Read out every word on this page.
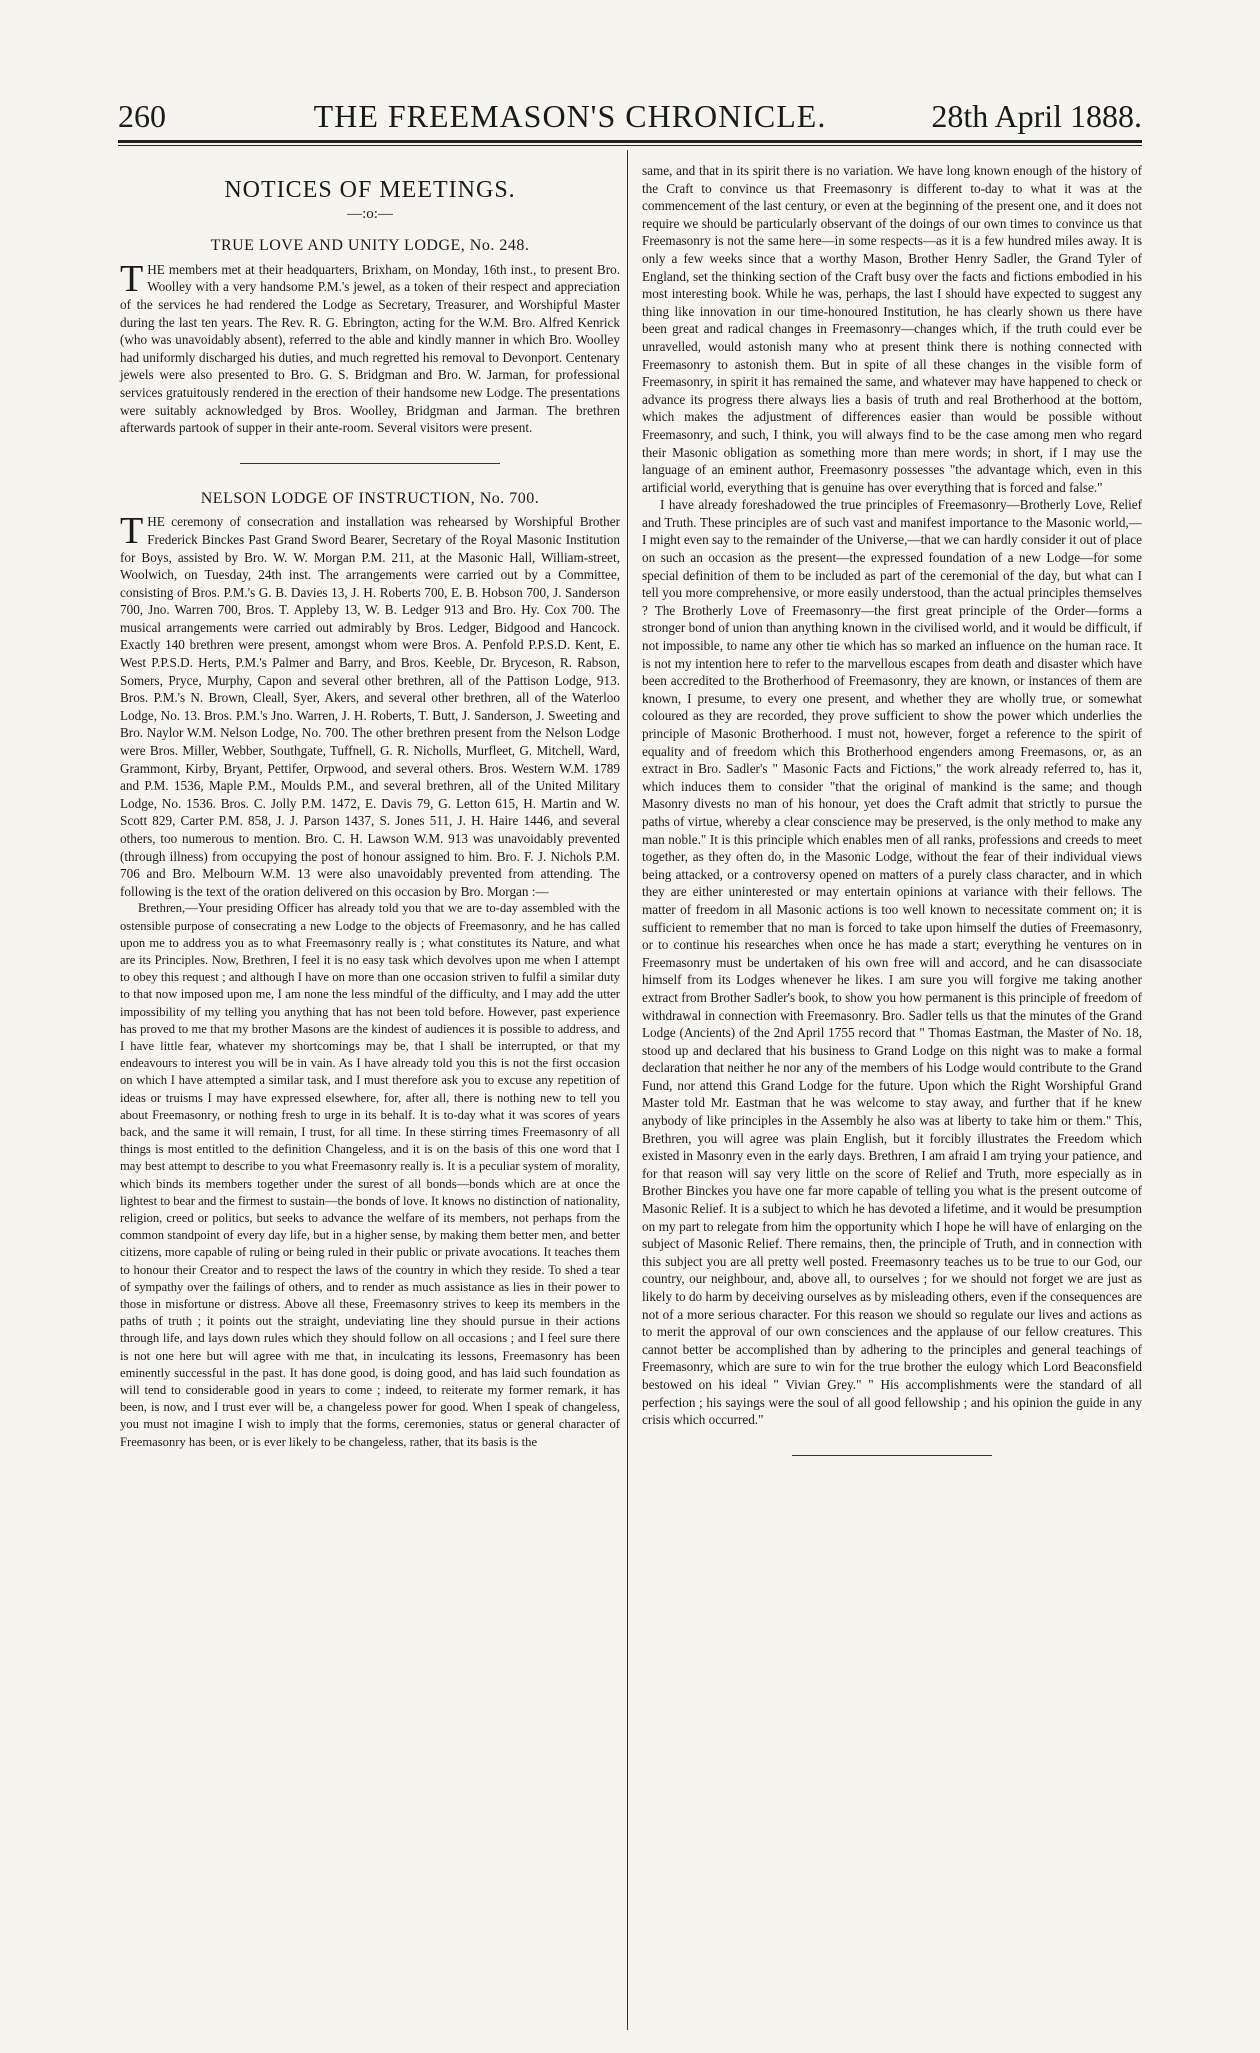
260	THE FREEMASON'S CHRONICLE.	28th April 1888.
NOTICES OF MEETINGS.
—:o:—
TRUE LOVE AND UNITY LODGE, No. 248.

THE members met at their headquarters, Brixham, on Monday, 16th inst., to present Bro. Woolley with a very handsome P.M.'s jewel, as a token of their respect and appreciation of the services he had rendered the Lodge as Secretary, Treasurer, and Worshipful Master during the last ten years. The Rev. R. G. Ebrington, acting for the W.M. Bro. Alfred Kenrick (who was unavoidably absent), referred to the able and kindly manner in which Bro. Woolley had uniformly discharged his duties, and much regretted his removal to Devonport. Centenary jewels were also presented to Bro. G. S. Bridgman and Bro. W. Jarman, for professional services gratuitously rendered in the erection of their handsome new Lodge. The presentations were suitably acknowledged by Bros. Woolley, Bridgman and Jarman. The brethren afterwards partook of supper in their ante-room. Several visitors were present.

NELSON LODGE OF INSTRUCTION, No. 700.

THE ceremony of consecration and installation was rehearsed by Worshipful Brother Frederick Binckes Past Grand Sword Bearer, Secretary of the Royal Masonic Institution for Boys, assisted by Bro. W. W. Morgan P.M. 211, at the Masonic Hall, William-street, Woolwich, on Tuesday, 24th inst. The arrangements were carried out by a Committee, consisting of Bros. P.M.'s G. B. Davies 13, J. H. Roberts 700, E. B. Hobson 700, J. Sanderson 700, Jno. Warren 700, Bros. T. Appleby 13, W. B. Ledger 913 and Bro. Hy. Cox 700. The musical arrangements were carried out admirably by Bros. Ledger, Bidgood and Hancock. Exactly 140 brethren were present, amongst whom were Bros. A. Penfold P.P.S.D. Kent, E. West P.P.S.D. Herts, P.M.'s Palmer and Barry, and Bros. Keeble, Dr. Bryceson, R. Rabson, Somers, Pryce, Murphy, Capon and several other brethren, all of the Pattison Lodge, 913. Bros. P.M.'s N. Brown, Cleall, Syer, Akers, and several other brethren, all of the Waterloo Lodge, No. 13. Bros. P.M.'s Jno. Warren, J. H. Roberts, T. Butt, J. Sanderson, J. Sweeting and Bro. Naylor W.M. Nelson Lodge, No. 700. The other brethren present from the Nelson Lodge were Bros. Miller, Webber, Southgate, Tuffnell, G. R. Nicholls, Murfleet, G. Mitchell, Ward, Grammont, Kirby, Bryant, Pettifer, Orpwood, and several others. Bros. Western W.M. 1789 and P.M. 1536, Maple P.M., Moulds P.M., and several brethren, all of the United Military Lodge, No. 1536. Bros. C. Jolly P.M. 1472, E. Davis 79, G. Letton 615, H. Martin and W. Scott 829, Carter P.M. 858, J. J. Parson 1437, S. Jones 511, J. H. Haire 1446, and several others, too numerous to mention. Bro. C. H. Lawson W.M. 913 was unavoidably prevented (through illness) from occupying the post of honour assigned to him. Bro. F. J. Nichols P.M. 706 and Bro. Melbourn W.M. 13 were also unavoidably prevented from attending. The following is the text of the oration delivered on this occasion by Bro. Morgan :—

Brethren,—Your presiding Officer has already told you that we are to-day assembled with the ostensible purpose of consecrating a new Lodge to the objects of Freemasonry, and he has called upon me to address you as to what Freemasonry really is ; what constitutes its Nature, and what are its Principles. Now, Brethren, I feel it is no easy task which devolves upon me when I attempt to obey this request ; and although I have on more than one occasion striven to fulfil a similar duty to that now imposed upon me, I am none the less mindful of the difficulty, and I may add the utter impossibility of my telling you anything that has not been told before. However, past experience has proved to me that my brother Masons are the kindest of audiences it is possible to address, and I have little fear, whatever my shortcomings may be, that I shall be interrupted, or that my endeavours to interest you will be in vain. As I have already told you this is not the first occasion on which I have attempted a similar task, and I must therefore ask you to excuse any repetition of ideas or truisms I may have expressed elsewhere, for, after all, there is nothing new to tell you about Freemasonry, or nothing fresh to urge in its behalf. It is to-day what it was scores of years back, and the same it will remain, I trust, for all time. In these stirring times Freemasonry of all things is most entitled to the definition Changeless, and it is on the basis of this one word that I may best attempt to describe to you what Freemasonry really is. It is a peculiar system of morality, which binds its members together under the surest of all bonds—bonds which are at once the lightest to bear and the firmest to sustain—the bonds of love. It knows no distinction of nationality, religion, creed or politics, but seeks to advance the welfare of its members, not perhaps from the common standpoint of every day life, but in a higher sense, by making them better men, and better citizens, more capable of ruling or being ruled in their public or private avocations. It teaches them to honour their Creator and to respect the laws of the country in which they reside. To shed a tear of sympathy over the failings of others, and to render as much assistance as lies in their power to those in misfortune or distress. Above all these, Freemasonry strives to keep its members in the paths of truth ; it points out the straight, undeviating line they should pursue in their actions through life, and lays down rules which they should follow on all occasions ; and I feel sure there is not one here but will agree with me that, in inculcating its lessons, Freemasonry has been eminently successful in the past. It has done good, is doing good, and has laid such foundation as will tend to considerable good in years to come ; indeed, to reiterate my former remark, it has been, is now, and I trust ever will be, a changeless power for good. When I speak of changeless, you must not imagine I wish to imply that the forms, ceremonies, status or general character of Freemasonry has been, or is ever likely to be changeless, rather, that its basis is the

same, and that in its spirit there is no variation. We have long known enough of the history of the Craft to convince us that Freemasonry is different to-day to what it was at the commencement of the last century, or even at the beginning of the present one, and it does not require we should be particularly observant of the doings of our own times to convince us that Freemasonry is not the same here—in some respects—as it is a few hundred miles away. It is only a few weeks since that a worthy Mason, Brother Henry Sadler, the Grand Tyler of England, set the thinking section of the Craft busy over the facts and fictions embodied in his most interesting book. While he was, perhaps, the last I should have expected to suggest any thing like innovation in our time-honoured Institution, he has clearly shown us there have been great and radical changes in Freemasonry—changes which, if the truth could ever be unravelled, would astonish many who at present think there is nothing connected with Freemasonry to astonish them. But in spite of all these changes in the visible form of Freemasonry, in spirit it has remained the same, and whatever may have happened to check or advance its progress there always lies a basis of truth and real Brotherhood at the bottom, which makes the adjustment of differences easier than would be possible without Freemasonry, and such, I think, you will always find to be the case among men who regard their Masonic obligation as something more than mere words; in short, if I may use the language of an eminent author, Freemasonry possesses "the advantage which, even in this artificial world, everything that is genuine has over everything that is forced and false."

I have already foreshadowed the true principles of Freemasonry—Brotherly Love, Relief and Truth. These principles are of such vast and manifest importance to the Masonic world,—I might even say to the remainder of the Universe,—that we can hardly consider it out of place on such an occasion as the present—the expressed foundation of a new Lodge—for some special definition of them to be included as part of the ceremonial of the day, but what can I tell you more comprehensive, or more easily understood, than the actual principles themselves ? The Brotherly Love of Freemasonry—the first great principle of the Order—forms a stronger bond of union than anything known in the civilised world, and it would be difficult, if not impossible, to name any other tie which has so marked an influence on the human race. It is not my intention here to refer to the marvellous escapes from death and disaster which have been accredited to the Brotherhood of Freemasonry, they are known, or instances of them are known, I presume, to every one present, and whether they are wholly true, or somewhat coloured as they are recorded, they prove sufficient to show the power which underlies the principle of Masonic Brotherhood. I must not, however, forget a reference to the spirit of equality and of freedom which this Brotherhood engenders among Freemasons, or, as an extract in Bro. Sadler's " Masonic Facts and Fictions," the work already referred to, has it, which induces them to consider "that the original of mankind is the same; and though Masonry divests no man of his honour, yet does the Craft admit that strictly to pursue the paths of virtue, whereby a clear conscience may be preserved, is the only method to make any man noble." It is this principle which enables men of all ranks, professions and creeds to meet together, as they often do, in the Masonic Lodge, without the fear of their individual views being attacked, or a controversy opened on matters of a purely class character, and in which they are either uninterested or may entertain opinions at variance with their fellows. The matter of freedom in all Masonic actions is too well known to necessitate comment on; it is sufficient to remember that no man is forced to take upon himself the duties of Freemasonry, or to continue his researches when once he has made a start; everything he ventures on in Freemasonry must be undertaken of his own free will and accord, and he can disassociate himself from its Lodges whenever he likes. I am sure you will forgive me taking another extract from Brother Sadler's book, to show you how permanent is this principle of freedom of withdrawal in connection with Freemasonry. Bro. Sadler tells us that the minutes of the Grand Lodge (Ancients) of the 2nd April 1755 record that " Thomas Eastman, the Master of No. 18, stood up and declared that his business to Grand Lodge on this night was to make a formal declaration that neither he nor any of the members of his Lodge would contribute to the Grand Fund, nor attend this Grand Lodge for the future. Upon which the Right Worshipful Grand Master told Mr. Eastman that he was welcome to stay away, and further that if he knew anybody of like principles in the Assembly he also was at liberty to take him or them." This, Brethren, you will agree was plain English, but it forcibly illustrates the Freedom which existed in Masonry even in the early days. Brethren, I am afraid I am trying your patience, and for that reason will say very little on the score of Relief and Truth, more especially as in Brother Binckes you have one far more capable of telling you what is the present outcome of Masonic Relief. It is a subject to which he has devoted a lifetime, and it would be presumption on my part to relegate from him the opportunity which I hope he will have of enlarging on the subject of Masonic Relief. There remains, then, the principle of Truth, and in connection with this subject you are all pretty well posted. Freemasonry teaches us to be true to our God, our country, our neighbour, and, above all, to ourselves ; for we should not forget we are just as likely to do harm by deceiving ourselves as by misleading others, even if the consequences are not of a more serious character. For this reason we should so regulate our lives and actions as to merit the approval of our own consciences and the applause of our fellow creatures. This cannot better be accomplished than by adhering to the principles and general teachings of Freemasonry, which are sure to win for the true brother the eulogy which Lord Beaconsfield bestowed on his ideal " Vivian Grey." " His accomplishments were the standard of all perfection ; his sayings were the soul of all good fellowship ; and his opinion the guide in any crisis which occurred."
